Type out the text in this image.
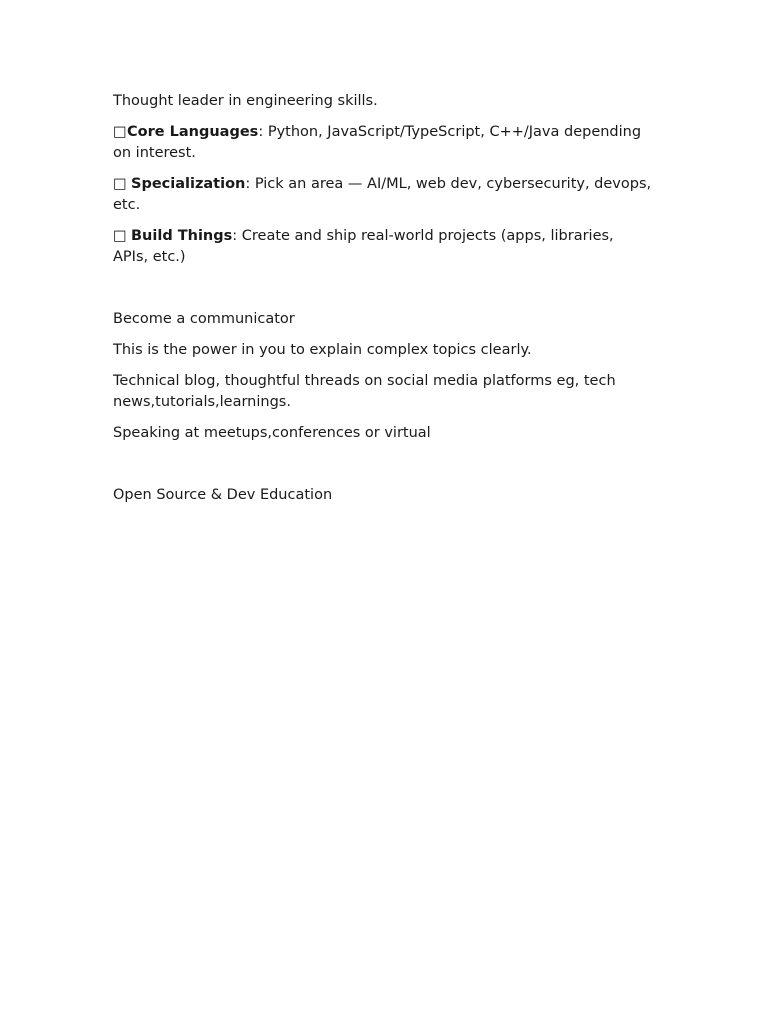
Thought leader in engineering skills.

□Core Languages: Python, JavaScript/TypeScript, C++/Java depending on interest.

□ Specialization: Pick an area — AI/ML, web dev, cybersecurity, devops, etc.

□ Build Things: Create and ship real-world projects (apps, libraries, APIs, etc.)

Become a communicator

This is the power in you to explain complex topics clearly.

Technical blog, thoughtful threads on social media platforms eg, tech news,tutorials,learnings.

Speaking at meetups,conferences or virtual

Open Source & Dev Education
